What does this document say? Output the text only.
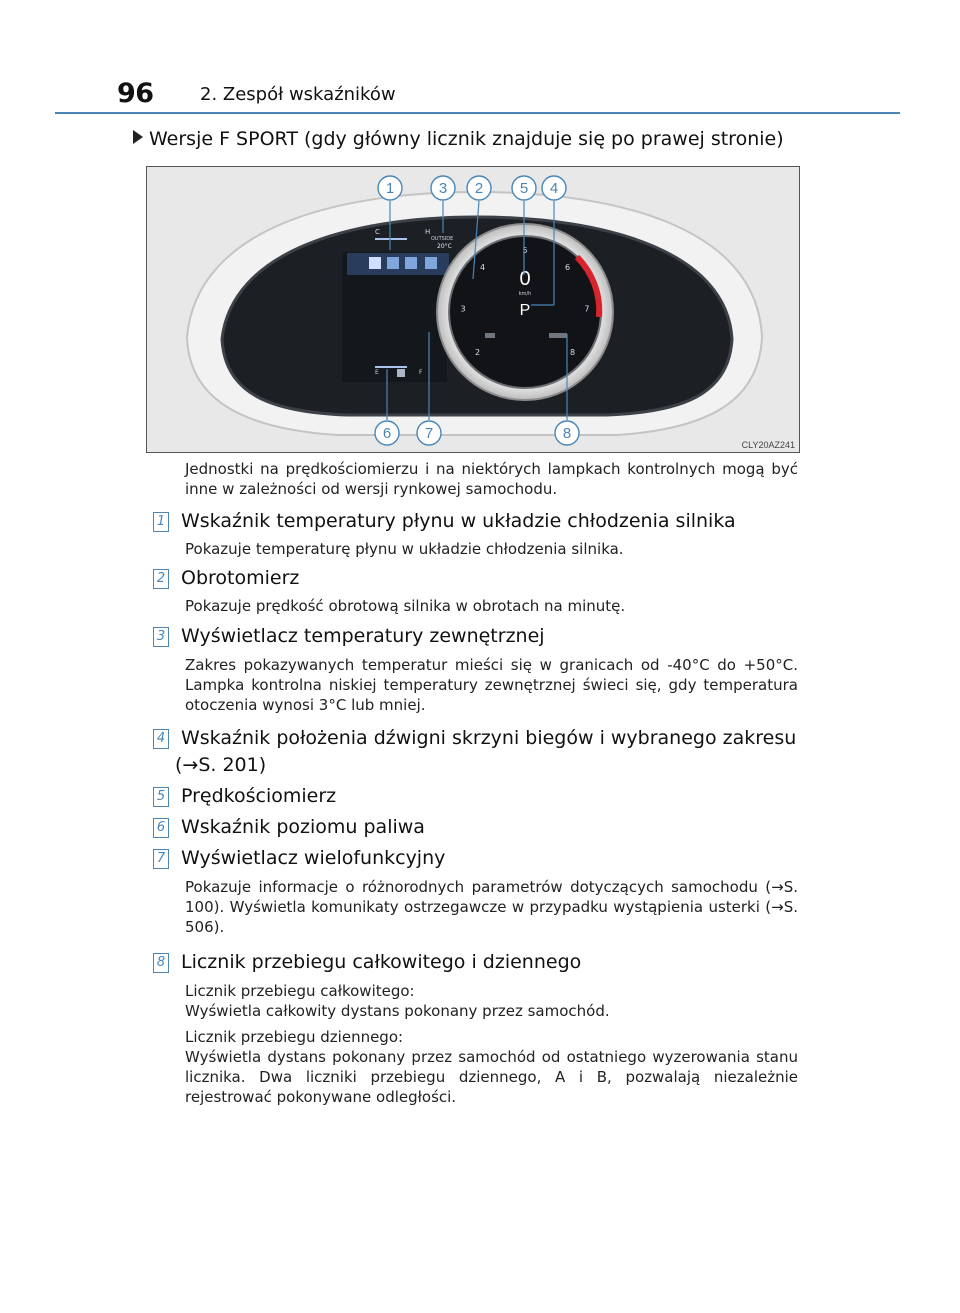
96	2. Zespół wskaźników
Wersje F SPORT (gdy główny licznik znajduje się po prawej stronie)
C	H
OUTSIDE
20°C
E	F
2
3
4
5
6
7
8
0
km/h
P
1	3 2 5 4
6 7	8
CLY20AZ241
Jednostki na prędkościomierzu i na niektórych lampkach kontrolnych mogą być inne w zależności od wersji rynkowej samochodu.
1 Wskaźnik temperatury płynu w układzie chłodzenia silnika
Pokazuje temperaturę płynu w układzie chłodzenia silnika.
2 Obrotomierz
Pokazuje prędkość obrotową silnika w obrotach na minutę.
3 Wyświetlacz temperatury zewnętrznej
Zakres pokazywanych temperatur mieści się w granicach od -40°C do +50°C. Lampka kontrolna niskiej temperatury zewnętrznej świeci się, gdy temperatura otoczenia wynosi 3°C lub mniej.
4 Wskaźnik położenia dźwigni skrzyni biegów i wybranego zakresu
(→S. 201)
5 Prędkościomierz
6 Wskaźnik poziomu paliwa
7 Wyświetlacz wielofunkcyjny
Pokazuje informacje o różnorodnych parametrów dotyczących samochodu (→S. 100). Wyświetla komunikaty ostrzegawcze w przypadku wystąpienia usterki (→S. 506).
8 Licznik przebiegu całkowitego i dziennego
Licznik przebiegu całkowitego:
Wyświetla całkowity dystans pokonany przez samochód.
Licznik przebiegu dziennego:
Wyświetla dystans pokonany przez samochód od ostatniego wyzerowania stanu licznika. Dwa liczniki przebiegu dziennego, A i B, pozwalają niezależnie rejestrować pokonywane odległości.
